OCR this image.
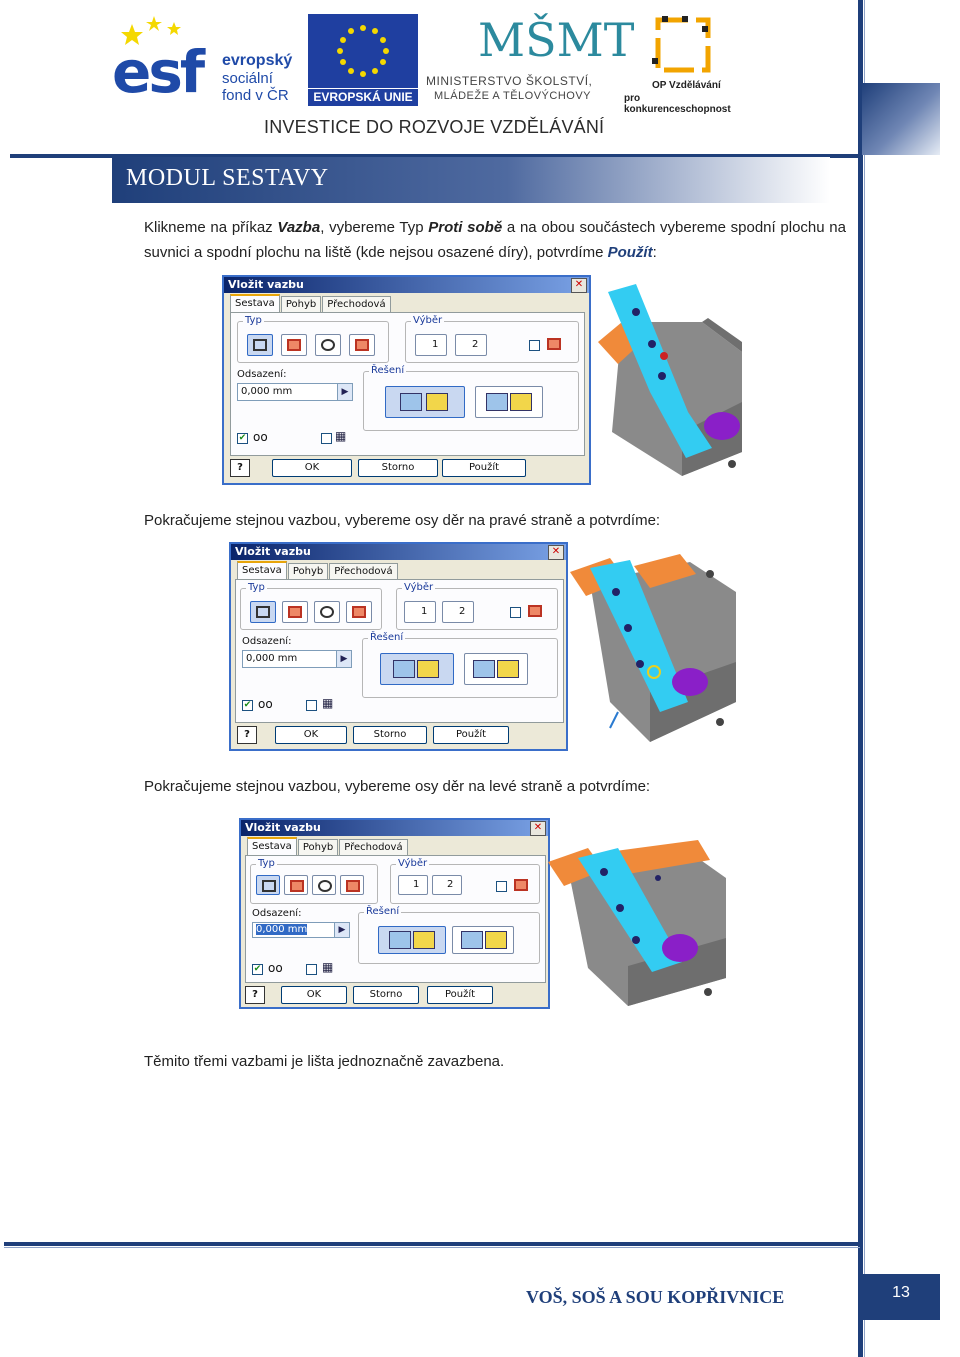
esf evropský
sociální
fond v ČR	EVROPSKÁ UNIE
MŠMT
MINISTERSTVO ŠKOLSTVÍ,
MLÁDEŽE A TĚLOVÝCHOVY
OP Vzdělávání
pro konkurenceschopnost
INVESTICE DO ROZVOJE VZDĚLÁVÁNÍ
MODUL SESTAVY
Klikneme na příkaz Vazba, vybereme Typ Proti sobě a na obou součástech vybereme spodní plochu na suvnici a spodní plochu na liště (kde nejsou osazené díry), potvrdíme Použít:
Vložit vazbu	✕
Sestava	Pohyb	Přechodová
Typ	Výběr
1	2
Odsazení:
0,000 mm	▶
Řešení
✔ oo	▦
?	OK	Storno	Použít
Pokračujeme stejnou vazbou, vybereme osy děr na pravé straně a potvrdíme:
Vložit vazbu	✕
Sestava	Pohyb	Přechodová
Typ	Výběr
1	2
Odsazení:
0,000 mm	▶
Řešení
✔ oo	▦
?	OK	Storno	Použít
Pokračujeme stejnou vazbou, vybereme osy děr na levé straně a potvrdíme:
Vložit vazbu	✕
Sestava	Pohyb	Přechodová
Typ	Výběr
1	2
Odsazení:
0,000 mm	▶
Řešení
✔ oo	▦
?	OK	Storno	Použít
Těmito třemi vazbami je lišta jednoznačně zavazbena.
VOŠ, SOŠ A SOU KOPŘIVNICE	13
